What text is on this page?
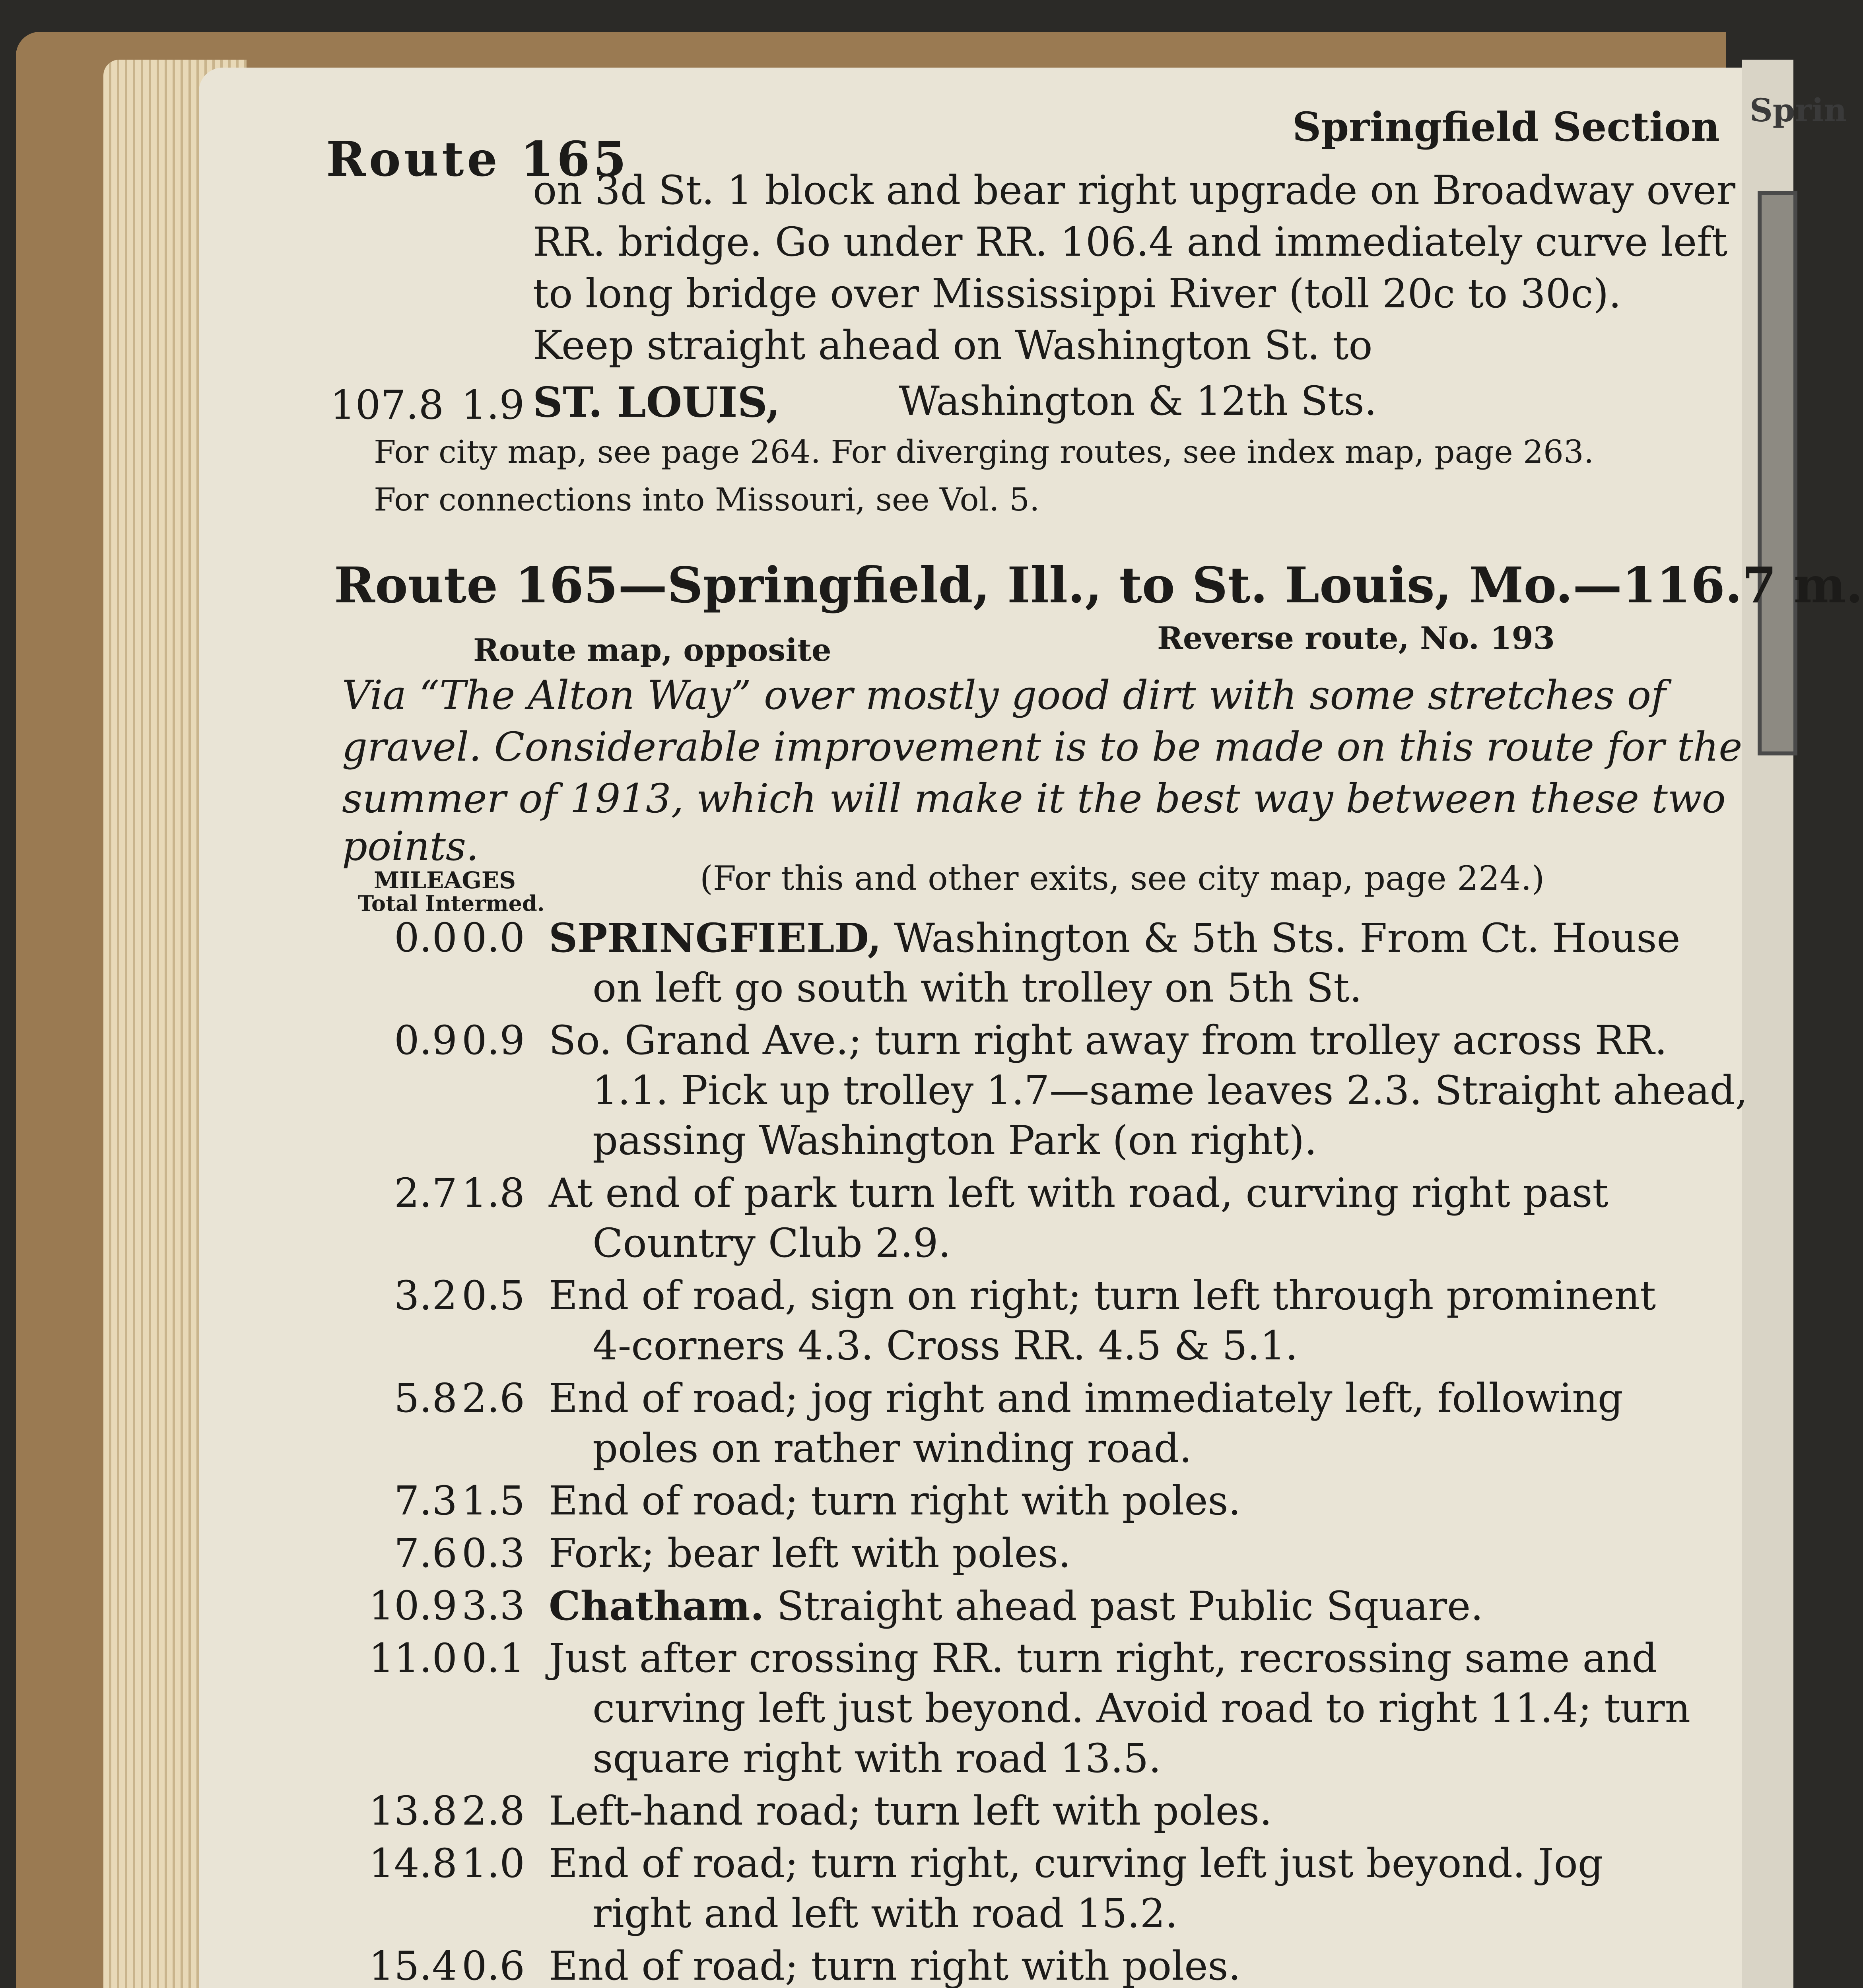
Sprin
Route 165
Springfield Section
on 3d St. 1 block and bear right upgrade on Broadway over
RR. bridge. Go under RR. 106.4 and immediately curve left
to long bridge over Mississippi River (toll 20c to 30c).
Keep straight ahead on Washington St. to
107.8 1.9 ST. LOUIS,	Washington & 12th Sts.
For city map, see page 264. For diverging routes, see index map, page 263.
For connections into Missouri, see Vol. 5.
Route 165—Springfield, Ill., to St. Louis, Mo.—116.7 m.
Route map, opposite	Reverse route, No. 193
Via “The Alton Way” over mostly good dirt with some stretches of
gravel. Considerable improvement is to be made on this route for the
summer of 1913, which will make it the best way between these two
points.
MILEAGES
Total Intermed.
(For this and other exits, see city map, page 224.)
0.0 0.0 SPRINGFIELD, Washington & 5th Sts. From Ct. House
on left go south with trolley on 5th St.
0.9 0.9 So. Grand Ave.; turn right away from trolley across RR.
1.1. Pick up trolley 1.7—same leaves 2.3. Straight ahead,
passing Washington Park (on right).
2.7 1.8 At end of park turn left with road, curving right past
Country Club 2.9.
3.2 0.5 End of road, sign on right; turn left through prominent
4-corners 4.3. Cross RR. 4.5 & 5.1.
5.8 2.6 End of road; jog right and immediately left, following
poles on rather winding road.
7.3 1.5 End of road; turn right with poles.
7.6 0.3 Fork; bear left with poles.
10.9 3.3 Chatham. Straight ahead past Public Square.
11.0 0.1 Just after crossing RR. turn right, recrossing same and
curving left just beyond. Avoid road to right 11.4; turn
square right with road 13.5.
13.8 2.8 Left-hand road; turn left with poles.
14.8 1.0 End of road; turn right, curving left just beyond. Jog
right and left with road 15.2.
15.4 0.6 End of road; turn right with poles.
